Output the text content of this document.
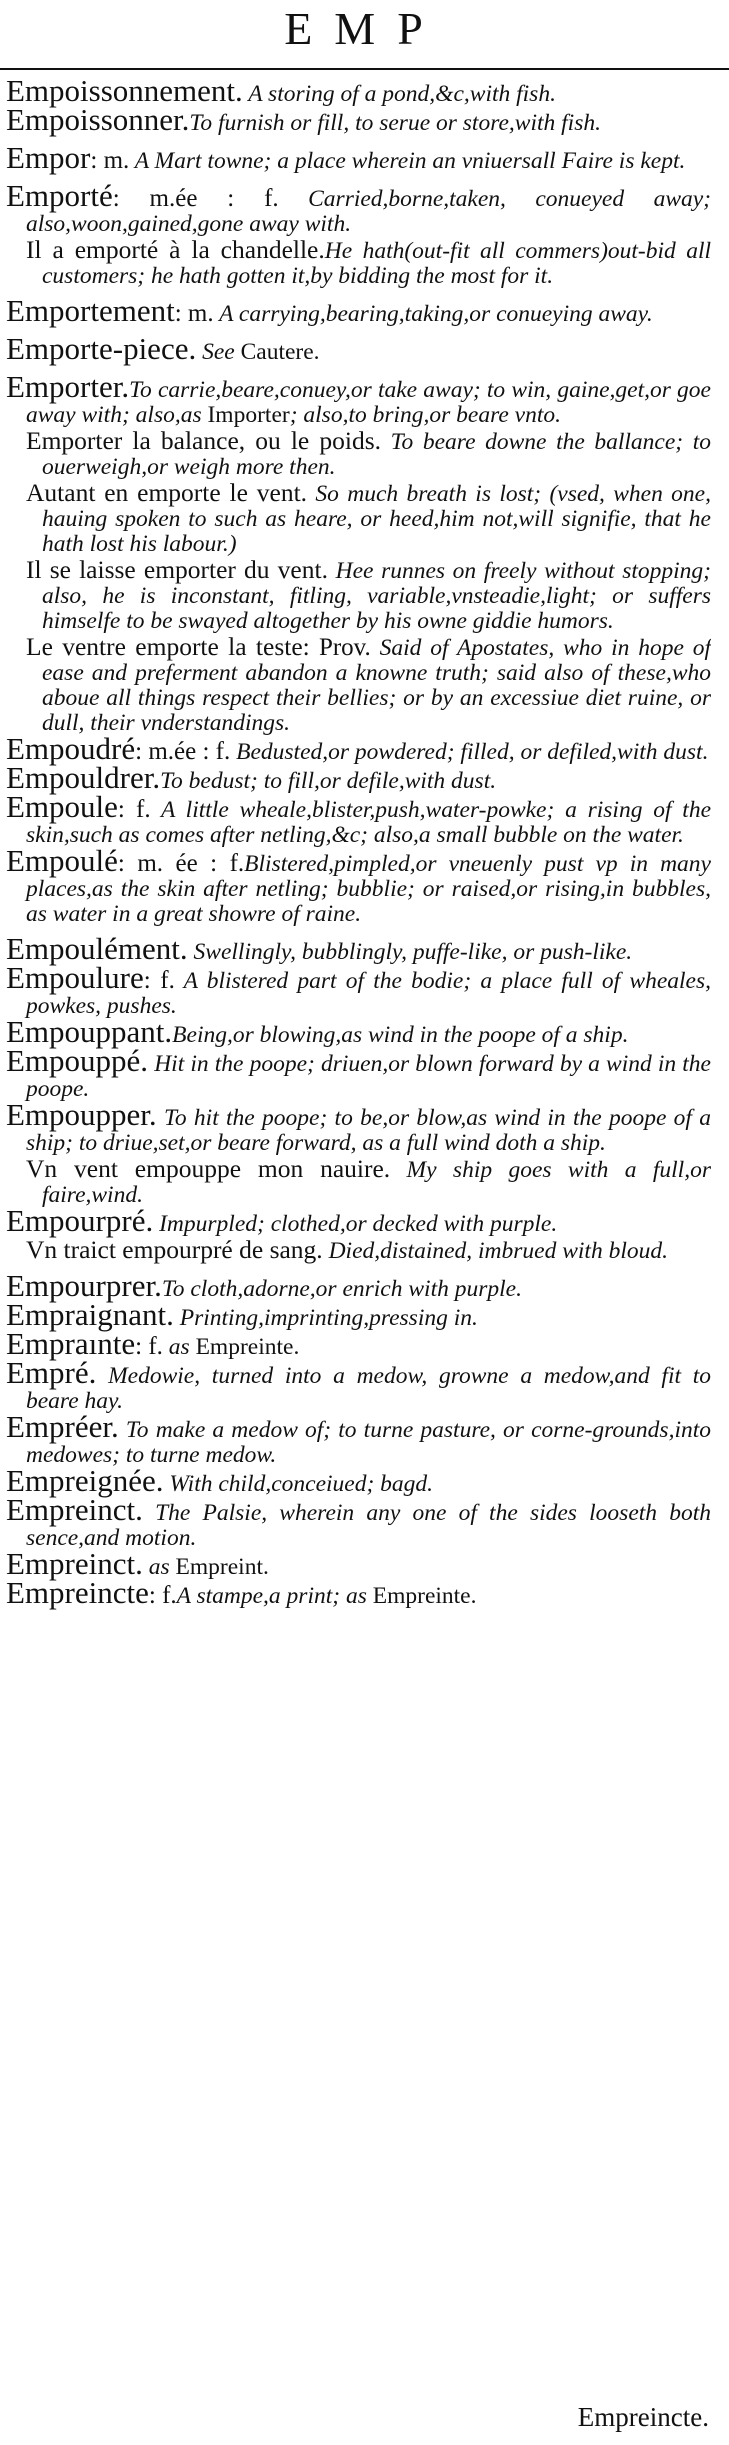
EMP

Empoissonnement. A storing of a pond,&c,with fish.

Empoissonner.To furnish or fill, to serue or store,with fish.

Empor: m. A Mart towne; a place wherein an vniuersall Faire is kept.

Emporté: m.ée : f. Carried,borne,taken, conueyed away; also,woon,gained,gone away with.

Il a emporté à la chandelle.He hath(out-fit all commers)out-bid all customers; he hath gotten it,by bidding the most for it.

Emportement: m. A carrying,bearing,taking,or conueying away.

Emporte-piece. See Cautere.

Emporter.To carrie,beare,conuey,or take away; to win, gaine,get,or goe away with; also,as Importer; also,to bring,or beare vnto.

Emporter la balance, ou le poids. To beare downe the ballance; to ouerweigh,or weigh more then.

Autant en emporte le vent. So much breath is lost; (vsed, when one, hauing spoken to such as heare, or heed,him not,will signifie, that he hath lost his labour.)

Il se laisse emporter du vent. Hee runnes on freely without stopping; also, he is inconstant, fitling, variable,vnsteadie,light; or suffers himselfe to be swayed altogether by his owne giddie humors.

Le ventre emporte la teste: Prov. Said of Apostates, who in hope of ease and preferment abandon a knowne truth; said also of these,who aboue all things respect their bellies; or by an excessiue diet ruine, or dull, their vnderstandings.

Empoudré: m.ée : f. Bedusted,or powdered; filled, or defiled,with dust.

Empouldrer.To bedust; to fill,or defile,with dust.

Empoule: f. A little wheale,blister,push,water-powke; a rising of the skin,such as comes after netling,&c; also,a small bubble on the water.

Empoulé: m. ée : f.Blistered,pimpled,or vneuenly pust vp in many places,as the skin after netling; bubblie; or raised,or rising,in bubbles, as water in a great showre of raine.

Empoulément. Swellingly, bubblingly, puffe-like, or push-like.

Empoulure: f. A blistered part of the bodie; a place full of wheales, powkes, pushes.

Empouppant.Being,or blowing,as wind in the poope of a ship.

Empouppé. Hit in the poope; driuen,or blown forward by a wind in the poope.

Empoupper. To hit the poope; to be,or blow,as wind in the poope of a ship; to driue,set,or beare forward, as a full wind doth a ship.

Vn vent empouppe mon nauire. My ship goes with a full,or faire,wind.

Empourpré. Impurpled; clothed,or decked with purple.

Vn traict empourpré de sang. Died,distained, imbrued with bloud.

Empourprer.To cloth,adorne,or enrich with purple.

Empraignant. Printing,imprinting,pressing in.

Empraınte: f. as Empreinte.

Empré. Medowie, turned into a medow, growne a medow,and fit to beare hay.

Empréer. To make a medow of; to turne pasture, or corne-grounds,into medowes; to turne medow.

Empreignée. With child,conceiued; bagd.

Empreinct. The Palsie, wherein any one of the sides looseth both sence,and motion.

Empreinct. as Empreint.

Empreincte: f.A stampe,a print; as Empreinte.

Empreincte.
